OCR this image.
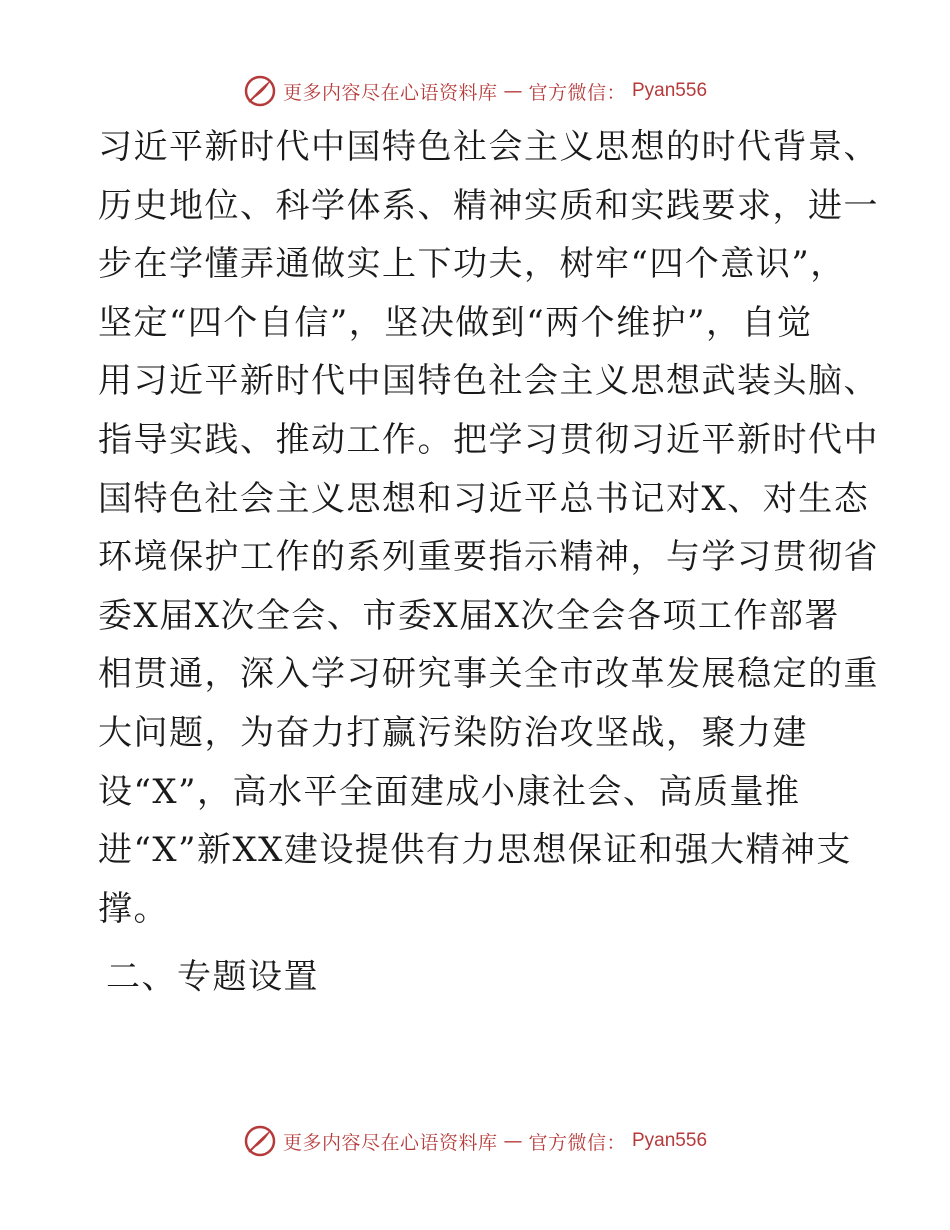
更多内容尽在心语资料库 — 官方微信： Pyan556
习近平新时代中国特色社会主义思想的时代背景、
历史地位、科学体系、精神实质和实践要求，进一
步在学懂弄通做实上下功夫，树牢“四个意识”，
坚定“四个自信”，坚决做到“两个维护”，自觉
用习近平新时代中国特色社会主义思想武装头脑、
指导实践、推动工作。把学习贯彻习近平新时代中
国特色社会主义思想和习近平总书记对X、对生态
环境保护工作的系列重要指示精神，与学习贯彻省
委X届X次全会、市委X届X次全会各项工作部署
相贯通，深入学习研究事关全市改革发展稳定的重
大问题，为奋力打赢污染防治攻坚战，聚力建
设“X”，高水平全面建成小康社会、高质量推
进“X”新XX建设提供有力思想保证和强大精神支
撑。
二、专题设置
更多内容尽在心语资料库 — 官方微信： Pyan556
